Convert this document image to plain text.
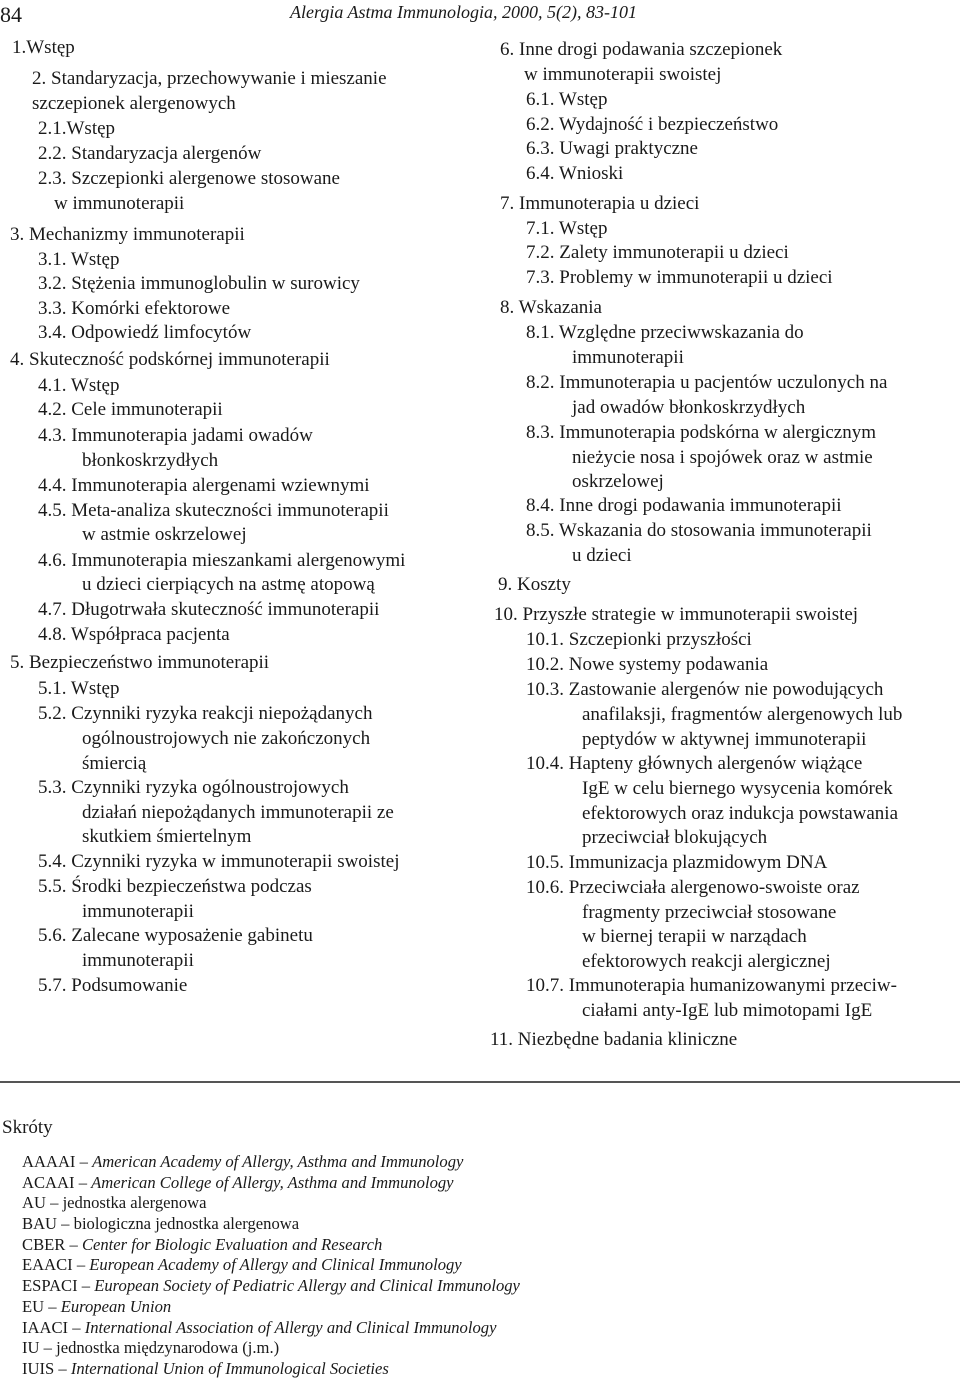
84	Alergia Astma Immunologia, 2000, 5(2), 83-101
1.Wstęp
2. Standaryzacja, przechowywanie i mieszanie
szczepionek alergenowych
2.1.Wstęp
2.2. Standaryzacja alergenów
2.3. Szczepionki alergenowe stosowane
w immunoterapii
3. Mechanizmy immunoterapii
3.1. Wstęp
3.2. Stężenia immunoglobulin w surowicy
3.3. Komórki efektorowe
3.4. Odpowiedź limfocytów
4. Skuteczność podskórnej immunoterapii
4.1. Wstęp
4.2. Cele immunoterapii
4.3. Immunoterapia jadami owadów
błonkoskrzydłych
4.4. Immunoterapia alergenami wziewnymi
4.5. Meta-analiza skuteczności immunoterapii
w astmie oskrzelowej
4.6. Immunoterapia mieszankami alergenowymi
u dzieci cierpiących na astmę atopową
4.7. Długotrwała skuteczność immunoterapii
4.8. Współpraca pacjenta
5. Bezpieczeństwo immunoterapii
5.1. Wstęp
5.2. Czynniki ryzyka reakcji niepożądanych
ogólnoustrojowych nie zakończonych
śmiercią
5.3. Czynniki ryzyka ogólnoustrojowych
działań niepożądanych immunoterapii ze
skutkiem śmiertelnym
5.4. Czynniki ryzyka w immunoterapii swoistej
5.5. Środki bezpieczeństwa podczas
immunoterapii
5.6. Zalecane wyposażenie gabinetu
immunoterapii
5.7. Podsumowanie
6. Inne drogi podawania szczepionek
w immunoterapii swoistej
6.1. Wstęp
6.2. Wydajność i bezpieczeństwo
6.3. Uwagi praktyczne
6.4. Wnioski
7. Immunoterapia u dzieci
7.1. Wstęp
7.2. Zalety immunoterapii u dzieci
7.3. Problemy w immunoterapii u dzieci
8. Wskazania
8.1. Względne przeciwwskazania do
immunoterapii
8.2. Immunoterapia u pacjentów uczulonych na
jad owadów błonkoskrzydłych
8.3. Immunoterapia podskórna w alergicznym
nieżycie nosa i spojówek oraz w astmie
oskrzelowej
8.4. Inne drogi podawania immunoterapii
8.5. Wskazania do stosowania immunoterapii
u dzieci
9. Koszty
10. Przyszłe strategie w immunoterapii swoistej
10.1. Szczepionki przyszłości
10.2. Nowe systemy podawania
10.3. Zastowanie alergenów nie powodujących
anafilaksji, fragmentów alergenowych lub
peptydów w aktywnej immunoterapii
10.4. Hapteny głównych alergenów wiążące
IgE w celu biernego wysycenia komórek
efektorowych oraz indukcja powstawania
przeciwciał blokujących
10.5. Immunizacja plazmidowym DNA
10.6. Przeciwciała alergenowo-swoiste oraz
fragmenty przeciwciał stosowane
w biernej terapii w narządach
efektorowych reakcji alergicznej
10.7. Immunoterapia humanizowanymi przeciw-
ciałami anty-IgE lub mimotopami IgE
11. Niezbędne badania kliniczne
Skróty
AAAAI – American Academy of Allergy, Asthma and Immunology
ACAAI – American College of Allergy, Asthma and Immunology
AU – jednostka alergenowa
BAU – biologiczna jednostka alergenowa
CBER – Center for Biologic Evaluation and Research
EAACI – European Academy of Allergy and Clinical Immunology
ESPACI – European Society of Pediatric Allergy and Clinical Immunology
EU – European Union
IAACI – International Association of Allergy and Clinical Immunology
IU – jednostka międzynarodowa (j.m.)
IUIS – International Union of Immunological Societies
